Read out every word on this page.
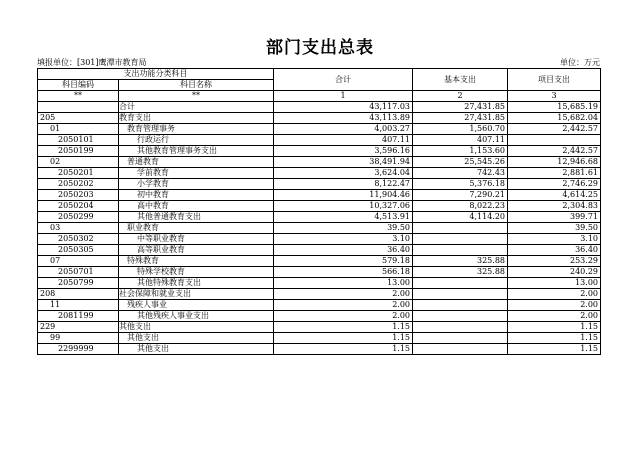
部门支出总表
填报单位：[301]鹰潭市教育局	单位：万元
支出功能分类科目		合计	基本支出	项目支出
科目编码	科目名称			
**	**	1	2	3
	合计	43,117.03	27,431.85	15,685.19
205	教育支出	43,113.89	27,431.85	15,682.04
01	教育管理事务	4,003.27	1,560.70	2,442.57
2050101	行政运行	407.11	407.11	
2050199	其他教育管理事务支出	3,596.16	1,153.60	2,442.57
02	普通教育	38,491.94	25,545.26	12,946.68
2050201	学前教育	3,624.04	742.43	2,881.61
2050202	小学教育	8,122.47	5,376.18	2,746.29
2050203	初中教育	11,904.46	7,290.21	4,614.25
2050204	高中教育	10,327.06	8,022.23	2,304.83
2050299	其他普通教育支出	4,513.91	4,114.20	399.71
03	职业教育	39.50		39.50
2050302	中等职业教育	3.10		3.10
2050305	高等职业教育	36.40		36.40
07	特殊教育	579.18	325.88	253.29
2050701	特殊学校教育	566.18	325.88	240.29
2050799	其他特殊教育支出	13.00		13.00
208	社会保障和就业支出	2.00		2.00
11	残疾人事业	2.00		2.00
2081199	其他残疾人事业支出	2.00		2.00
229	其他支出	1.15		1.15
99	其他支出	1.15		1.15
2299999	其他支出	1.15		1.15
